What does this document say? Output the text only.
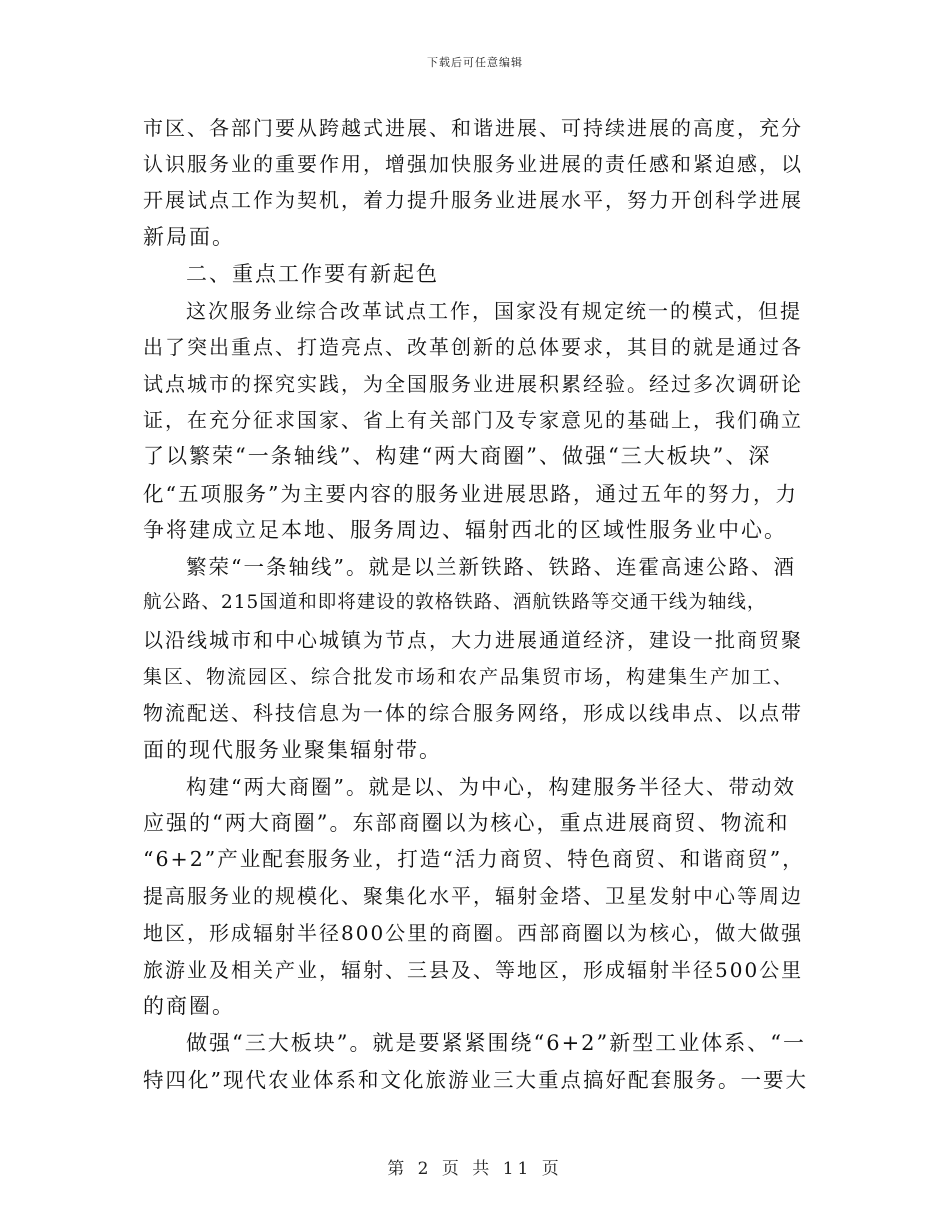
下载后可任意编辑
市区、各部门要从跨越式进展、和谐进展、可持续进展的高度，充分
认识服务业的重要作用，增强加快服务业进展的责任感和紧迫感，以
开展试点工作为契机，着力提升服务业进展水平，努力开创科学进展
新局面。
二、重点工作要有新起色
这次服务业综合改革试点工作，国家没有规定统一的模式，但提
出了突出重点、打造亮点、改革创新的总体要求，其目的就是通过各
试点城市的探究实践，为全国服务业进展积累经验。经过多次调研论
证，在充分征求国家、省上有关部门及专家意见的基础上，我们确立
了以繁荣“一条轴线”、构建“两大商圈”、做强“三大板块”、深
化“五项服务”为主要内容的服务业进展思路，通过五年的努力，力
争将建成立足本地、服务周边、辐射西北的区域性服务业中心。
繁荣“一条轴线”。就是以兰新铁路、铁路、连霍高速公路、酒
航公路、215国道和即将建设的敦格铁路、酒航铁路等交通干线为轴线，
以沿线城市和中心城镇为节点，大力进展通道经济，建设一批商贸聚
集区、物流园区、综合批发市场和农产品集贸市场，构建集生产加工、
物流配送、科技信息为一体的综合服务网络，形成以线串点、以点带
面的现代服务业聚集辐射带。
构建“两大商圈”。就是以、为中心，构建服务半径大、带动效
应强的“两大商圈”。东部商圈以为核心，重点进展商贸、物流和
“6+2”产业配套服务业，打造“活力商贸、特色商贸、和谐商贸”，
提高服务业的规模化、聚集化水平，辐射金塔、卫星发射中心等周边
地区，形成辐射半径800公里的商圈。西部商圈以为核心，做大做强
旅游业及相关产业，辐射、三县及、等地区，形成辐射半径500公里
的商圈。
做强“三大板块”。就是要紧紧围绕“6+2”新型工业体系、“一
特四化”现代农业体系和文化旅游业三大重点搞好配套服务。一要大
第 2 页 共 11 页
